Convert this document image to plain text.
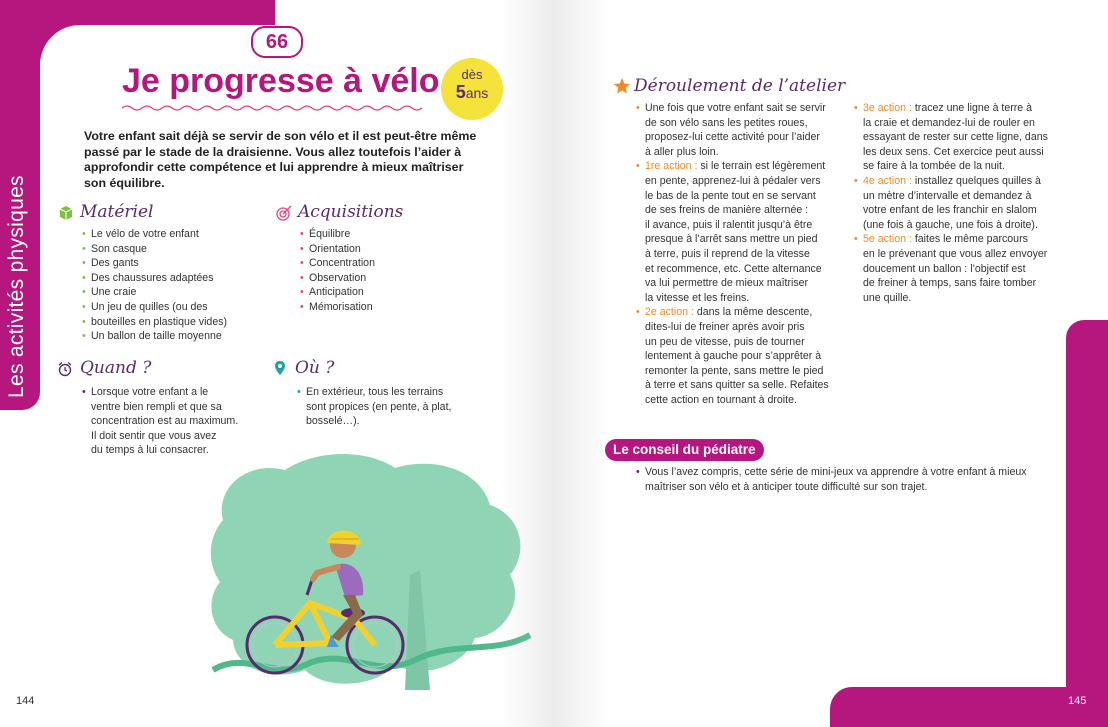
Les activités physiques
66
Je progresse à vélo	dès
5ans
Votre enfant sait déjà se servir de son vélo et il est peut-être même passé par le stade de la draisienne. Vous allez toutefois l’aider à approfondir cette compétence et lui apprendre à mieux maîtriser son équilibre.
Matériel
• Le vélo de votre enfant
• Son casque
• Des gants
• Des chaussures adaptées
• Une craie
• Un jeu de quilles (ou des
• bouteilles en plastique vides)
• Un ballon de taille moyenne
Acquisitions
• Équilibre
• Orientation
• Concentration
• Observation
• Anticipation
• Mémorisation
Quand ?
• Lorsque votre enfant a le
ventre bien rempli et que sa
concentration est au maximum.
Il doit sentir que vous avez
du temps à lui consacrer.
Où ?
• En extérieur, tous les terrains
sont propices (en pente, à plat,
bosselé…).
144
Déroulement de l’atelier
• Une fois que votre enfant sait se servir
de son vélo sans les petites roues,
proposez-lui cette activité pour l’aider
à aller plus loin.
• 1re action : si le terrain est légèrement
en pente, apprenez-lui à pédaler vers
le bas de la pente tout en se servant
de ses freins de manière alternée :
il avance, puis il ralentit jusqu’à être
presque à l’arrêt sans mettre un pied
à terre, puis il reprend de la vitesse
et recommence, etc. Cette alternance
va lui permettre de mieux maîtriser
la vitesse et les freins.
• 2e action : dans la même descente,
dites-lui de freiner après avoir pris
un peu de vitesse, puis de tourner
lentement à gauche pour s’apprêter à
remonter la pente, sans mettre le pied
à terre et sans quitter sa selle. Refaites
cette action en tournant à droite.
• 3e action : tracez une ligne à terre à
la craie et demandez-lui de rouler en
essayant de rester sur cette ligne, dans
les deux sens. Cet exercice peut aussi
se faire à la tombée de la nuit.
• 4e action : installez quelques quilles à
un mètre d’intervalle et demandez à
votre enfant de les franchir en slalom
(une fois à gauche, une fois à droite).
• 5e action : faites le même parcours
en le prévenant que vous allez envoyer
doucement un ballon : l’objectif est
de freiner à temps, sans faire tomber
une quille.
Le conseil du pédiatre
• Vous l’avez compris, cette série de mini-jeux va apprendre à votre enfant à mieux
maîtriser son vélo et à anticiper toute difficulté sur son trajet.
145
